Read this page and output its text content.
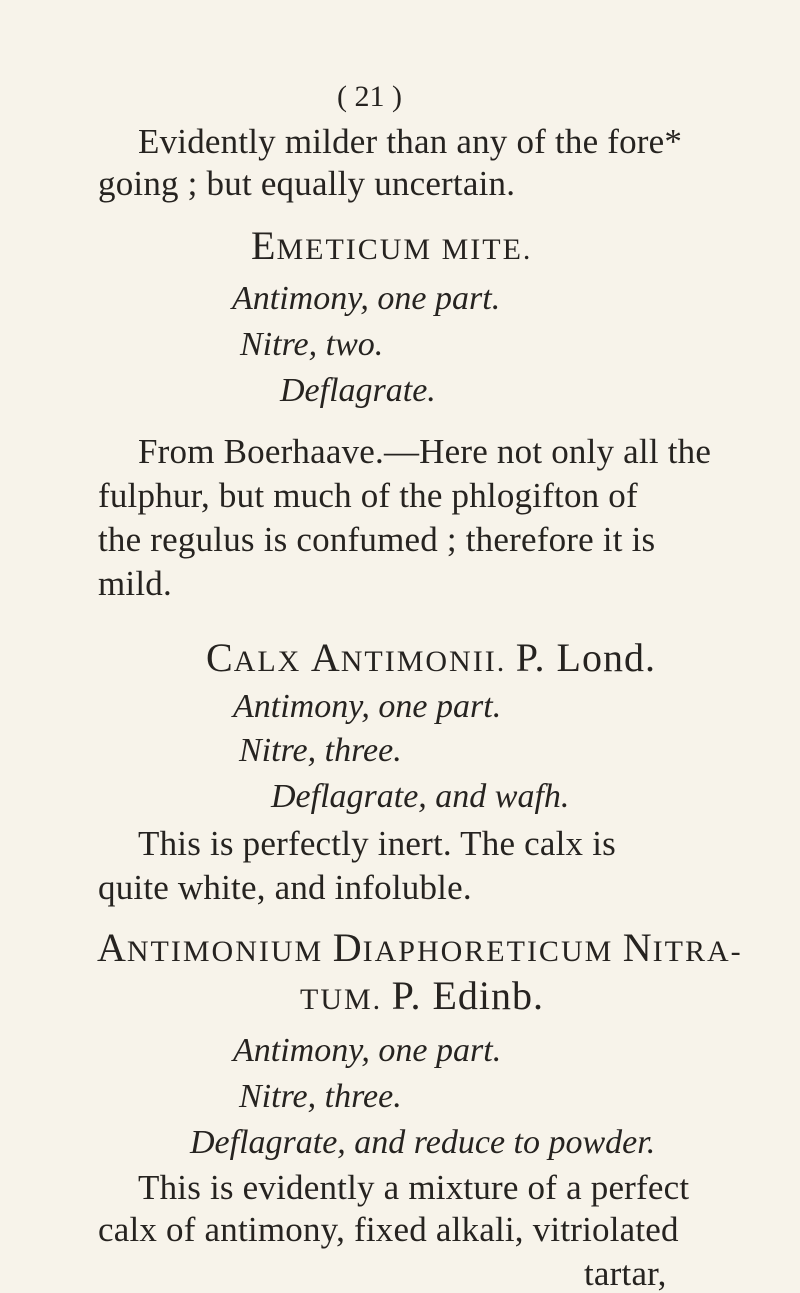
( 21 )
Evidently milder than any of the fore*
going ; but equally uncertain.
EMETICUM MITE.
Antimony, one part.
Nitre, two.
Deflagrate.
From Boerhaave.—Here not only all the
fulphur, but much of the phlogifton of
the regulus is confumed ; therefore it is
mild.
CALX ANTIMONII. P. Lond.
Antimony, one part.
Nitre, three.
Deflagrate, and wafh.
This is perfectly inert. The calx is
quite white, and infoluble.
ANTIMONIUM DIAPHORETICUM NITRA-
TUM. P. Edinb.
Antimony, one part.
Nitre, three.
Deflagrate, and reduce to powder.
This is evidently a mixture of a perfect
calx of antimony, fixed alkali, vitriolated
tartar,
